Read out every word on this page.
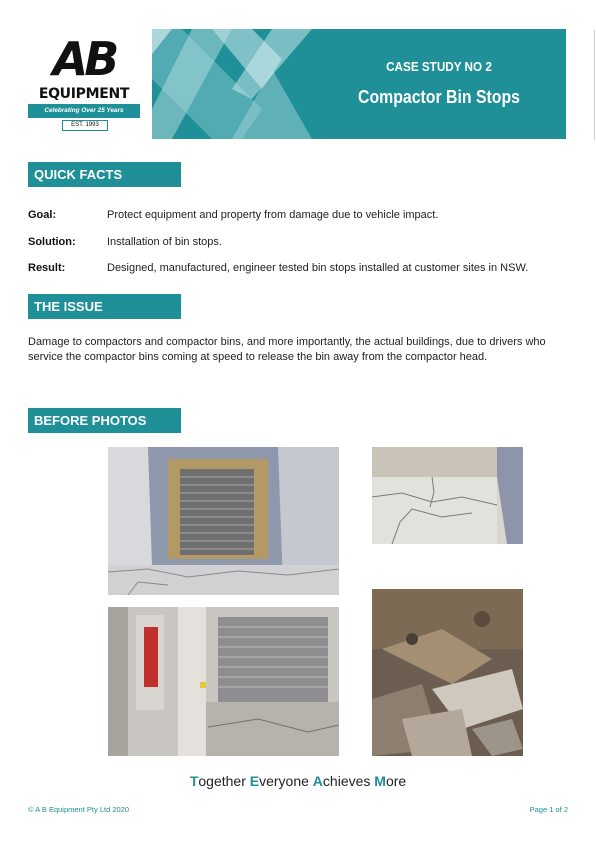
AB
EQUIPMENT
Celebrating Over 25 Years
EST. 1993
CASE STUDY NO 2
Compactor Bin Stops
QUICK FACTS
Goal:	Protect equipment and property from damage due to vehicle impact.
Solution:	Installation of bin stops.
Result:	Designed, manufactured, engineer tested bin stops installed at customer sites in NSW.
THE ISSUE
Damage to compactors and compactor bins, and more importantly, the actual buildings, due to drivers who service the compactor bins coming at speed to release the bin away from the compactor head.
BEFORE PHOTOS
Together Everyone Achieves More
© A B Equipment Pty Ltd 2020	Page 1 of 2
